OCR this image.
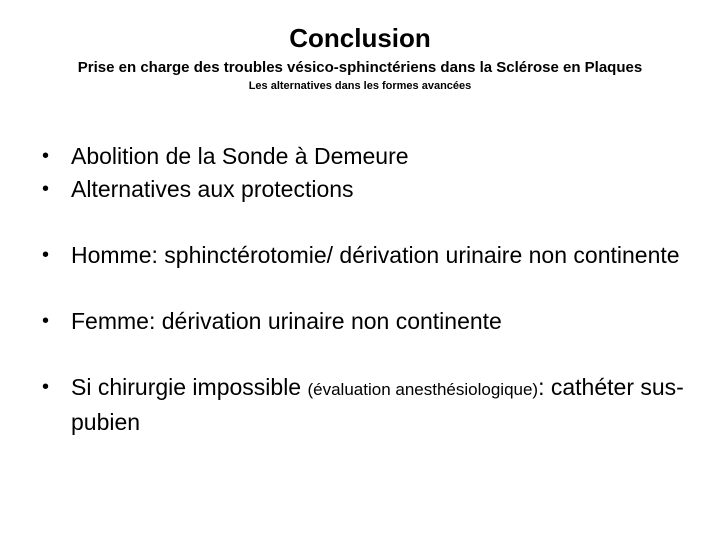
Conclusion
Prise en charge des troubles vésico-sphinctériens dans la Sclérose en Plaques
Les alternatives dans les formes avancées
• Abolition de la Sonde à Demeure
• Alternatives aux protections
• Homme: sphinctérotomie/ dérivation urinaire non continente
• Femme: dérivation urinaire non continente
• Si chirurgie impossible (évaluation anesthésiologique): cathéter sus-pubien
